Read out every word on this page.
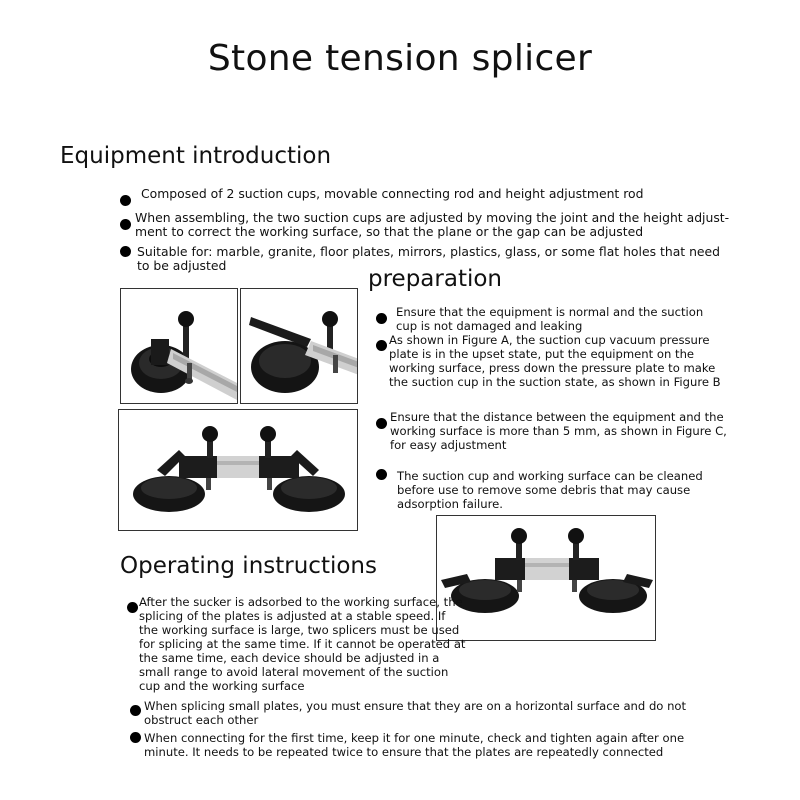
Stone tension splicer
Equipment introduction
Composed of 2 suction cups, movable connecting rod and height adjustment rod
When assembling, the two suction cups are adjusted by moving the joint and the height adjust-
ment to correct the working surface, so that the plane or the gap can be adjusted
Suitable for: marble, granite, floor plates, mirrors, plastics, glass, or some flat holes that need
to be adjusted
preparation
Ensure that the equipment is normal and the suction
cup is not damaged and leaking
As shown in Figure A, the suction cup vacuum pressure
plate is in the upset state, put the equipment on the
working surface, press down the pressure plate to make
the suction cup in the suction state, as shown in Figure B
Ensure that the distance between the equipment and the
working surface is more than 5 mm, as shown in Figure C,
for easy adjustment
The suction cup and working surface can be cleaned
before use to remove some debris that may cause
adsorption failure.
Operating instructions
After the sucker is adsorbed to the working surface, the
splicing of the plates is adjusted at a stable speed. If
the working surface is large, two splicers must be used
for splicing at the same time. If it cannot be operated at
the same time, each device should be adjusted in a
small range to avoid lateral movement of the suction
cup and the working surface
When splicing small plates, you must ensure that they are on a horizontal surface and do not
obstruct each other
When connecting for the first time, keep it for one minute, check and tighten again after one
minute. It needs to be repeated twice to ensure that the plates are repeatedly connected
